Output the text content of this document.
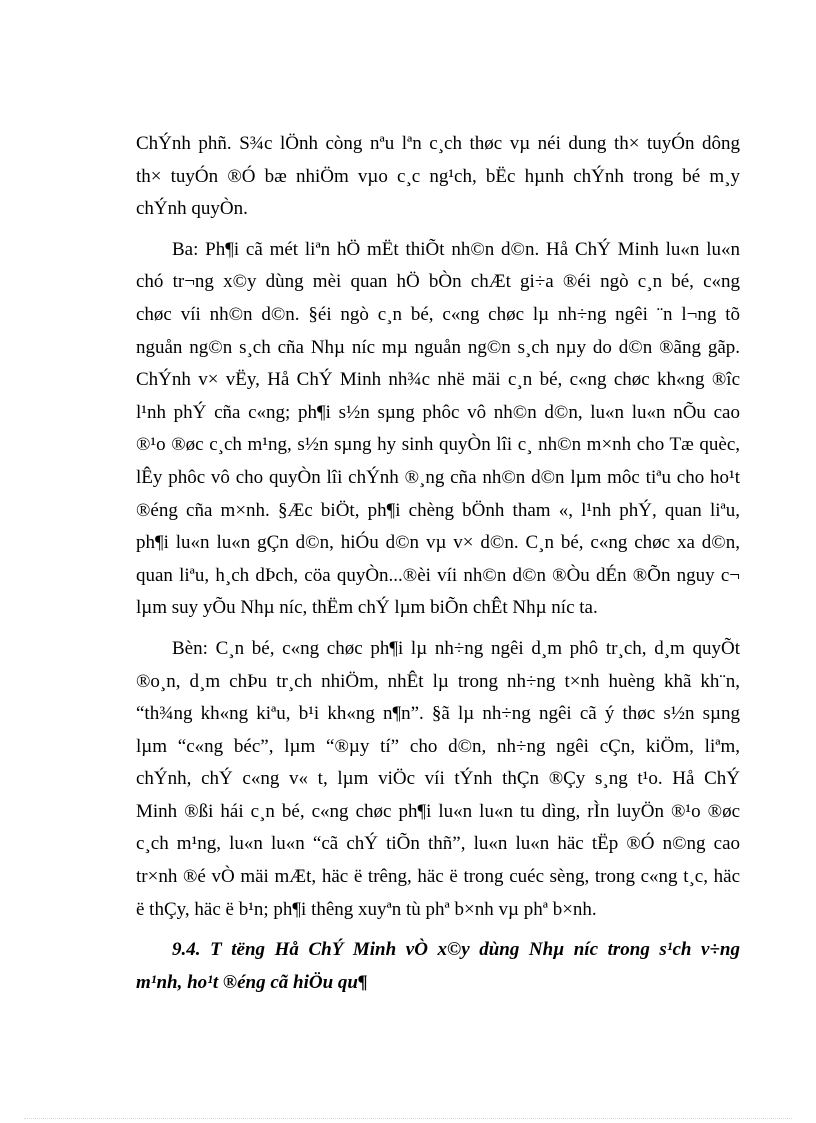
ChÝnh phñ. S¾c lÖnh còng nªu lªn c¸ch thøc vµ néi dung th× tuyÓn dông
th× tuyÓn ®Ó bæ nhiÖm vµo c¸c ng¹ch, bËc hµnh chÝnh trong bé m¸y
chÝnh quyÒn.
Ba: Ph¶i cã mét liªn hÖ mËt thiÕt nh©n d©n. Hå ChÝ Minh lu«n lu«n
chó tr¬ng x©y dùng mèi quan hÖ bÒn chÆt gi÷a ®éi ngò c¸n bé, c«ng
chøc víi nh©n d©n. §éi ngò c¸n bé, c«ng chøc lµ nh÷ng ngêi ¨n l¬ng tõ
nguån ng©n s¸ch cña Nhµ níc mµ nguån ng©n s¸ch nµy do d©n ®ãng gãp.
ChÝnh v× vËy, Hå ChÝ Minh nh¾c nhë mäi c¸n bé, c«ng chøc kh«ng ®îc
l¹nh phÝ cña c«ng; ph¶i s½n sµng phôc vô nh©n d©n, lu«n lu«n nÕu cao
®¹o ®øc c¸ch m¹ng, s½n sµng hy sinh quyÒn lîi c¸ nh©n m×nh cho Tæ quèc,
lÊy phôc vô cho quyÒn lîi chÝnh ®¸ng cña nh©n d©n lµm môc tiªu cho ho¹t
®éng cña m×nh. §Æc biÖt, ph¶i chèng bÖnh tham «, l¹nh phÝ, quan liªu,
ph¶i lu«n lu«n gÇn d©n, hiÓu d©n vµ v× d©n. C¸n bé, c«ng chøc xa d©n,
quan liªu, h¸ch dÞch, cöa quyÒn...®èi víi nh©n d©n ®Òu dÉn ®Õn nguy c¬
lµm suy yÕu Nhµ níc, thËm chÝ lµm biÕn chÊt Nhµ níc ta.
Bèn: C¸n bé, c«ng chøc ph¶i lµ nh÷ng ngêi d¸m phô tr¸ch, d¸m quyÕt
®o¸n, d¸m chÞu tr¸ch nhiÖm, nhÊt lµ trong nh÷ng t×nh huèng khã kh¨n,
“th¾ng kh«ng kiªu, b¹i kh«ng n¶n”. §ã lµ nh÷ng ngêi cã ý thøc s½n sµng
lµm “c«ng béc”, lµm “®µy tí” cho d©n, nh÷ng ngêi cÇn, kiÖm, liªm,
chÝnh, chÝ c«ng v« t, lµm viÖc víi tÝnh thÇn ®Çy s¸ng t¹o. Hå ChÝ
Minh ®ßi hái c¸n bé, c«ng chøc ph¶i lu«n lu«n tu dìng, rÌn luyÖn ®¹o ®øc
c¸ch m¹ng, lu«n lu«n “cã chÝ tiÕn thñ”, lu«n lu«n häc tËp ®Ó n©ng cao
tr×nh ®é vÒ mäi mÆt, häc ë trêng, häc ë trong cuéc sèng, trong c«ng t¸c, häc
ë thÇy, häc ë b¹n; ph¶i thêng xuyªn tù phª b×nh vµ phª b×nh.
9.4. T tëng Hå ChÝ Minh vÒ x©y dùng Nhµ níc trong s¹ch v÷ng
m¹nh, ho¹t ®éng cã hiÖu qu¶
